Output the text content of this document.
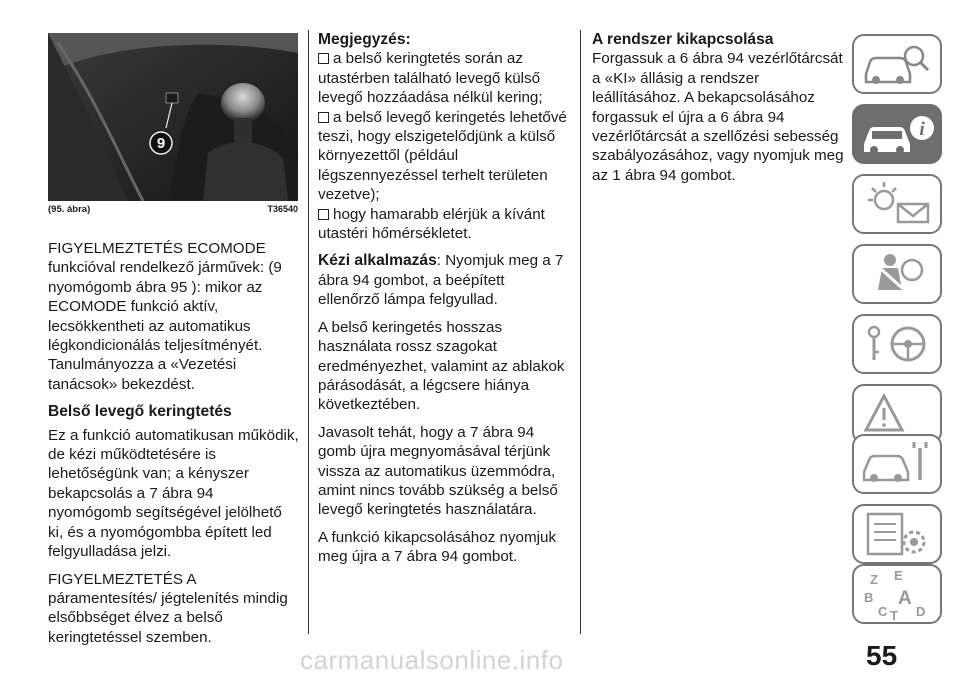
9
(95. ábra)	T36540

FIGYELMEZTETÉS ECOMODE funkcióval rendelkező járművek: (9 nyomógomb ábra 95 ): mikor az ECOMODE funkció aktív, lecsökkentheti az automatikus légkondicionálás teljesítményét. Tanulmányozza a «Vezetési tanácsok» bekezdést.

Belső levegő keringtetés

Ez a funkció automatikusan működik, de kézi működtetésére is lehetőségünk van; a kényszer bekapcsolás a 7 ábra 94 nyomógomb segítségével jelölhető ki, és a nyomógombba épített led felgyulladása jelzi.

FIGYELMEZTETÉS A páramentesítés/ jégtelenítés mindig elsőbbséget élvez a belső keringtetéssel szemben.

Megjegyzés:

a belső keringtetés során az

utastérben található levegő külső levegő hozzáadása nélkül kering;

a belső levegő keringetés lehetővé

teszi, hogy elszigetelődjünk a külső környezettől (például légszennyezéssel terhelt területen vezetve);

hogy hamarabb elérjük a kívánt

utastéri hőmérsékletet.

Kézi alkalmazás: Nyomjuk meg a 7 ábra 94 gombot, a beépített ellenőrző lámpa felgyullad.

A belső keringetés hosszas használata rossz szagokat eredményezhet, valamint az ablakok párásodását, a légcsere hiánya következtében.

Javasolt tehát, hogy a 7 ábra 94 gomb újra megnyomásával térjünk vissza az automatikus üzemmódra, amint nincs tovább szükség a belső levegő keringtetés használatára.

A funkció kikapcsolásához nyomjuk meg újra a 7 ábra 94 gombot.

A rendszer kikapcsolása

Forgassuk a 6 ábra 94 vezérlőtárcsát a «KI» állásig a rendszer leállításához. A bekapcsolásához forgassuk el újra a 6 ábra 94 vezérlőtárcsát a szellőzési sebesség szabályozásához, vagy nyomjuk meg az 1 ábra 94 gombot.

i
Z E
B A
C T D
carmanualsonline.info	55
